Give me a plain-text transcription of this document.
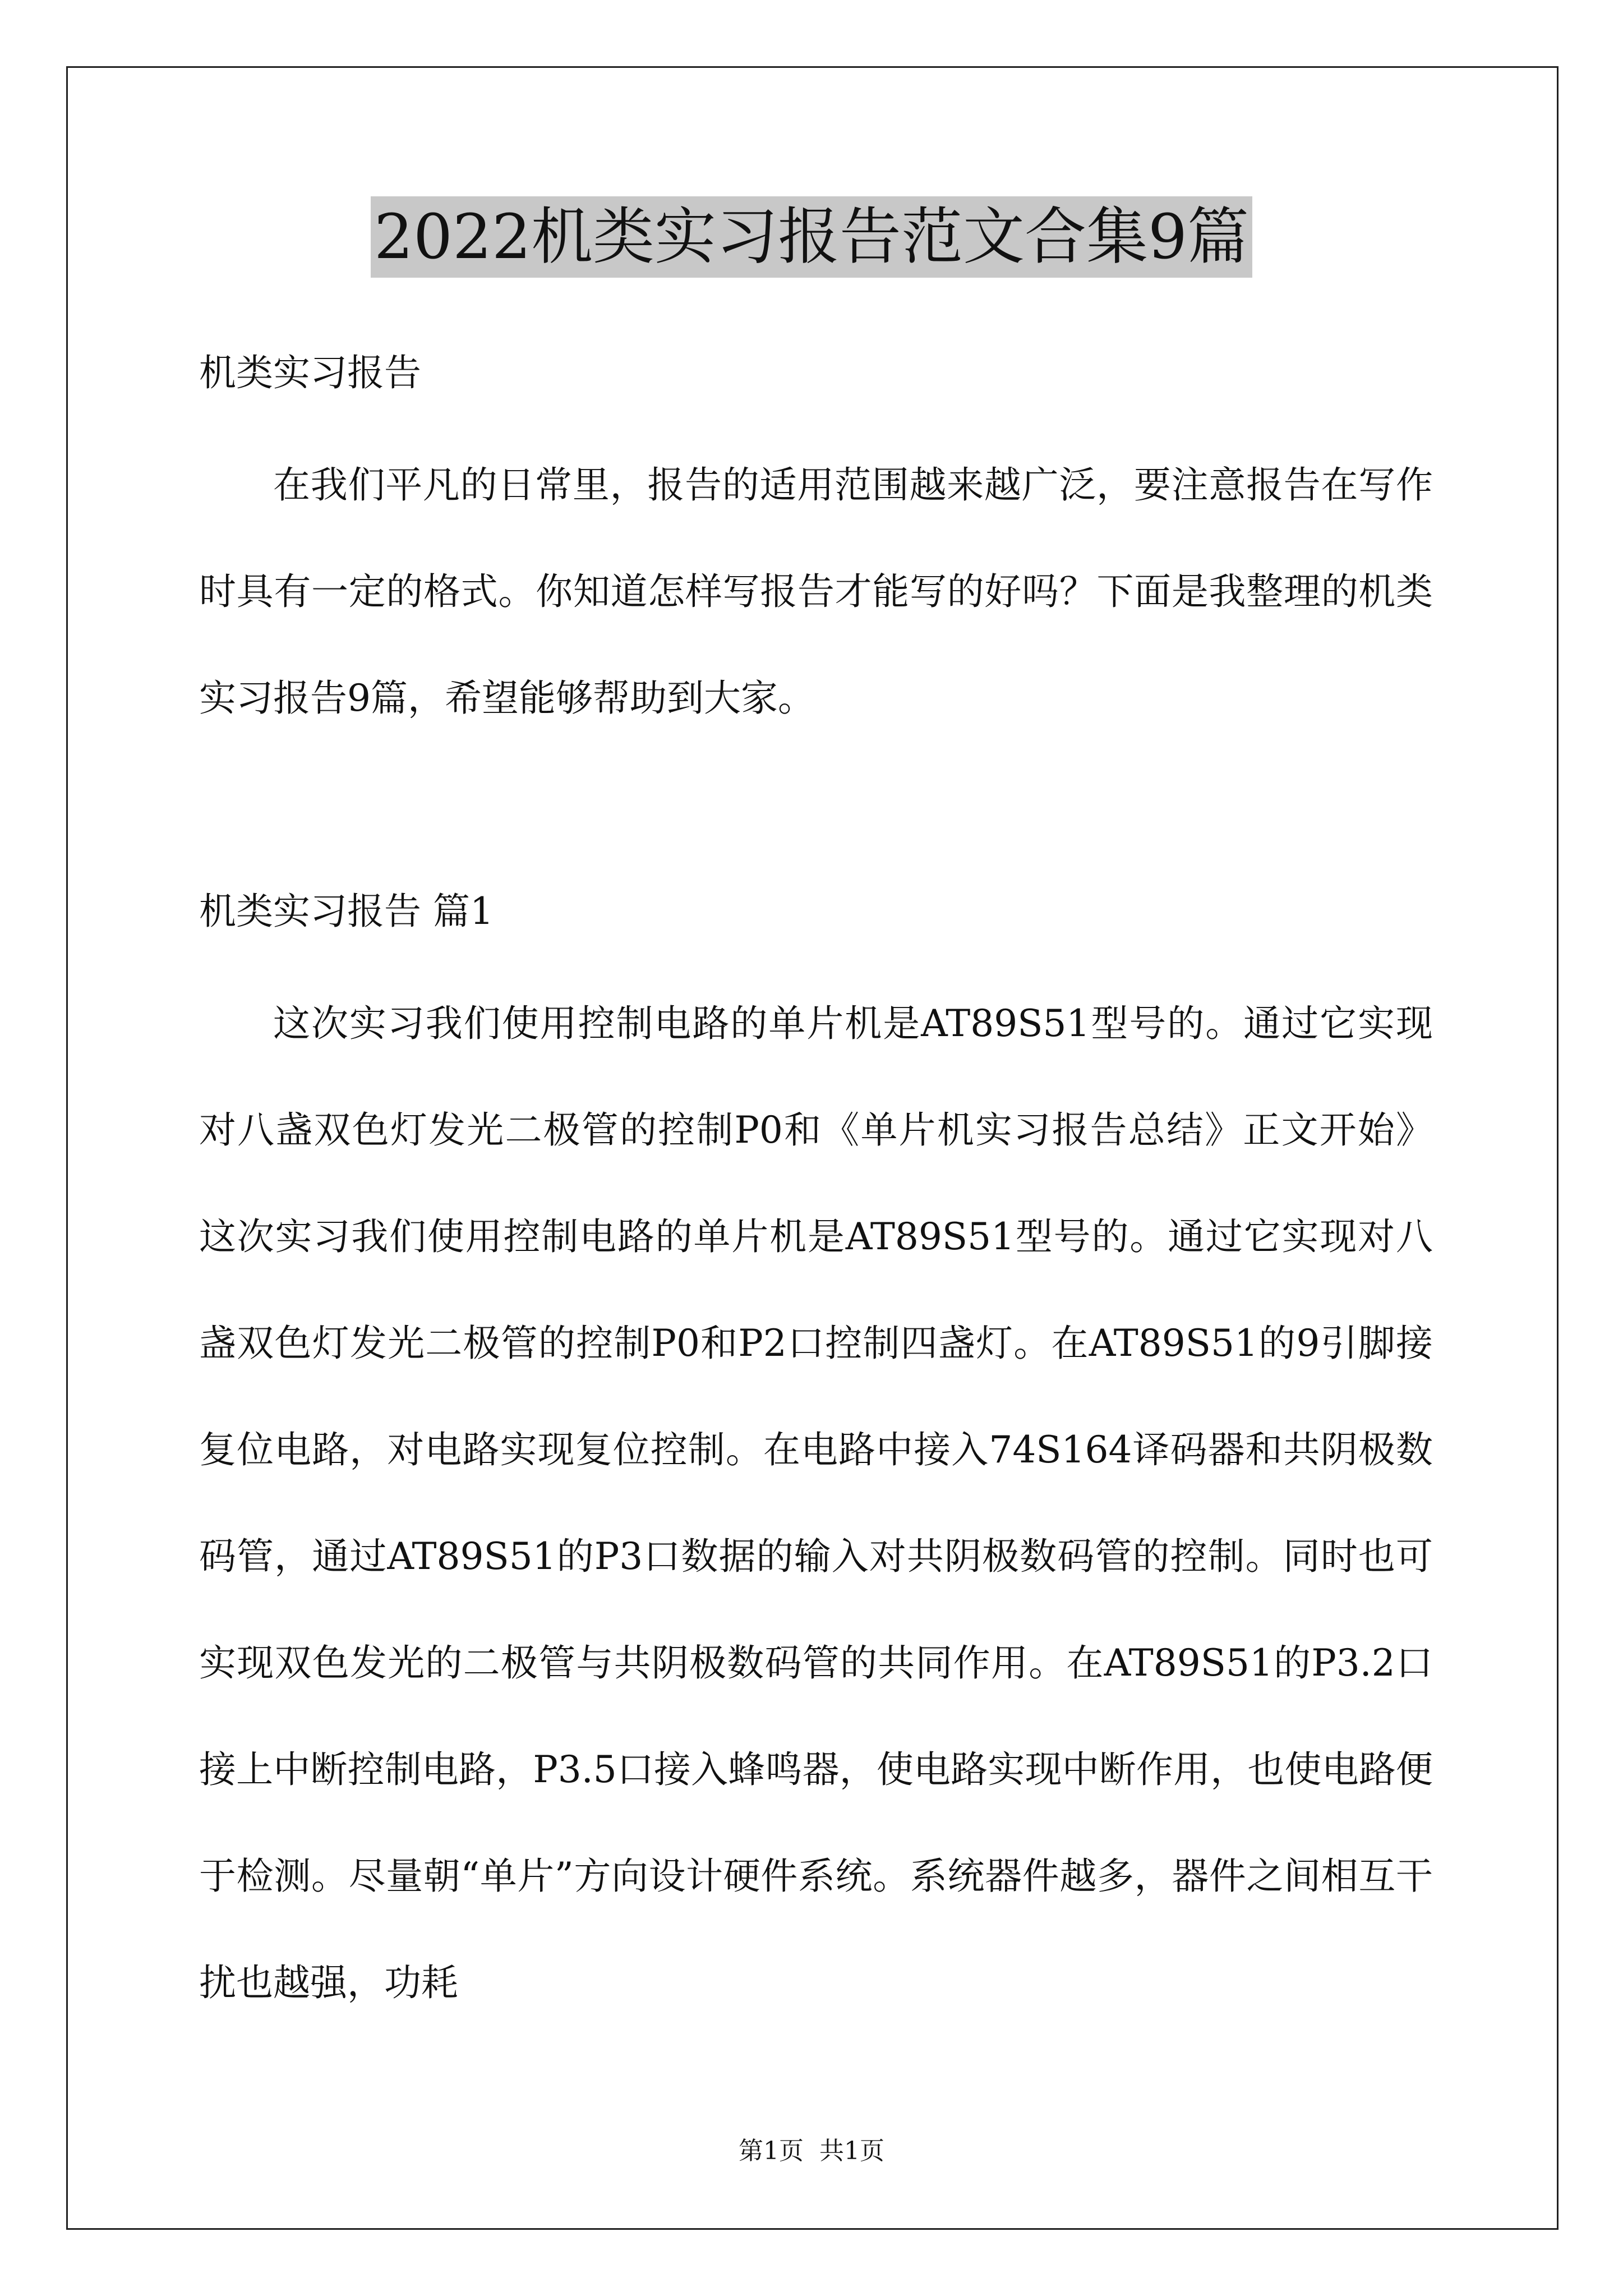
2022机类实习报告范文合集9篇
机类实习报告

在我们平凡的日常里，报告的适用范围越来越广泛，要注意报告在写作时具有一定的格式。你知道怎样写报告才能写的好吗？下面是我整理的机类实习报告9篇，希望能够帮助到大家。

机类实习报告 篇1

这次实习我们使用控制电路的单片机是AT89S51型号的。通过它实现对八盏双色灯发光二极管的控制P0和《单片机实习报告总结》正文开始》 这次实习我们使用控制电路的单片机是AT89S51型号的。通过它实现对八盏双色灯发光二极管的控制P0和P2口控制四盏灯。在AT89S51的9引脚接复位电路，对电路实现复位控制。在电路中接入74S164译码器和共阴极数码管，通过AT89S51的P3口数据的输入对共阴极数码管的控制。同时也可实现双色发光的二极管与共阴极数码管的共同作用。在AT89S51的P3.2口接上中断控制电路，P3.5口接入蜂鸣器，使电路实现中断作用，也使电路便于检测。尽量朝“单片”方向设计硬件系统。系统器件越多，器件之间相互干扰也越强，功耗

第1页 共1页
